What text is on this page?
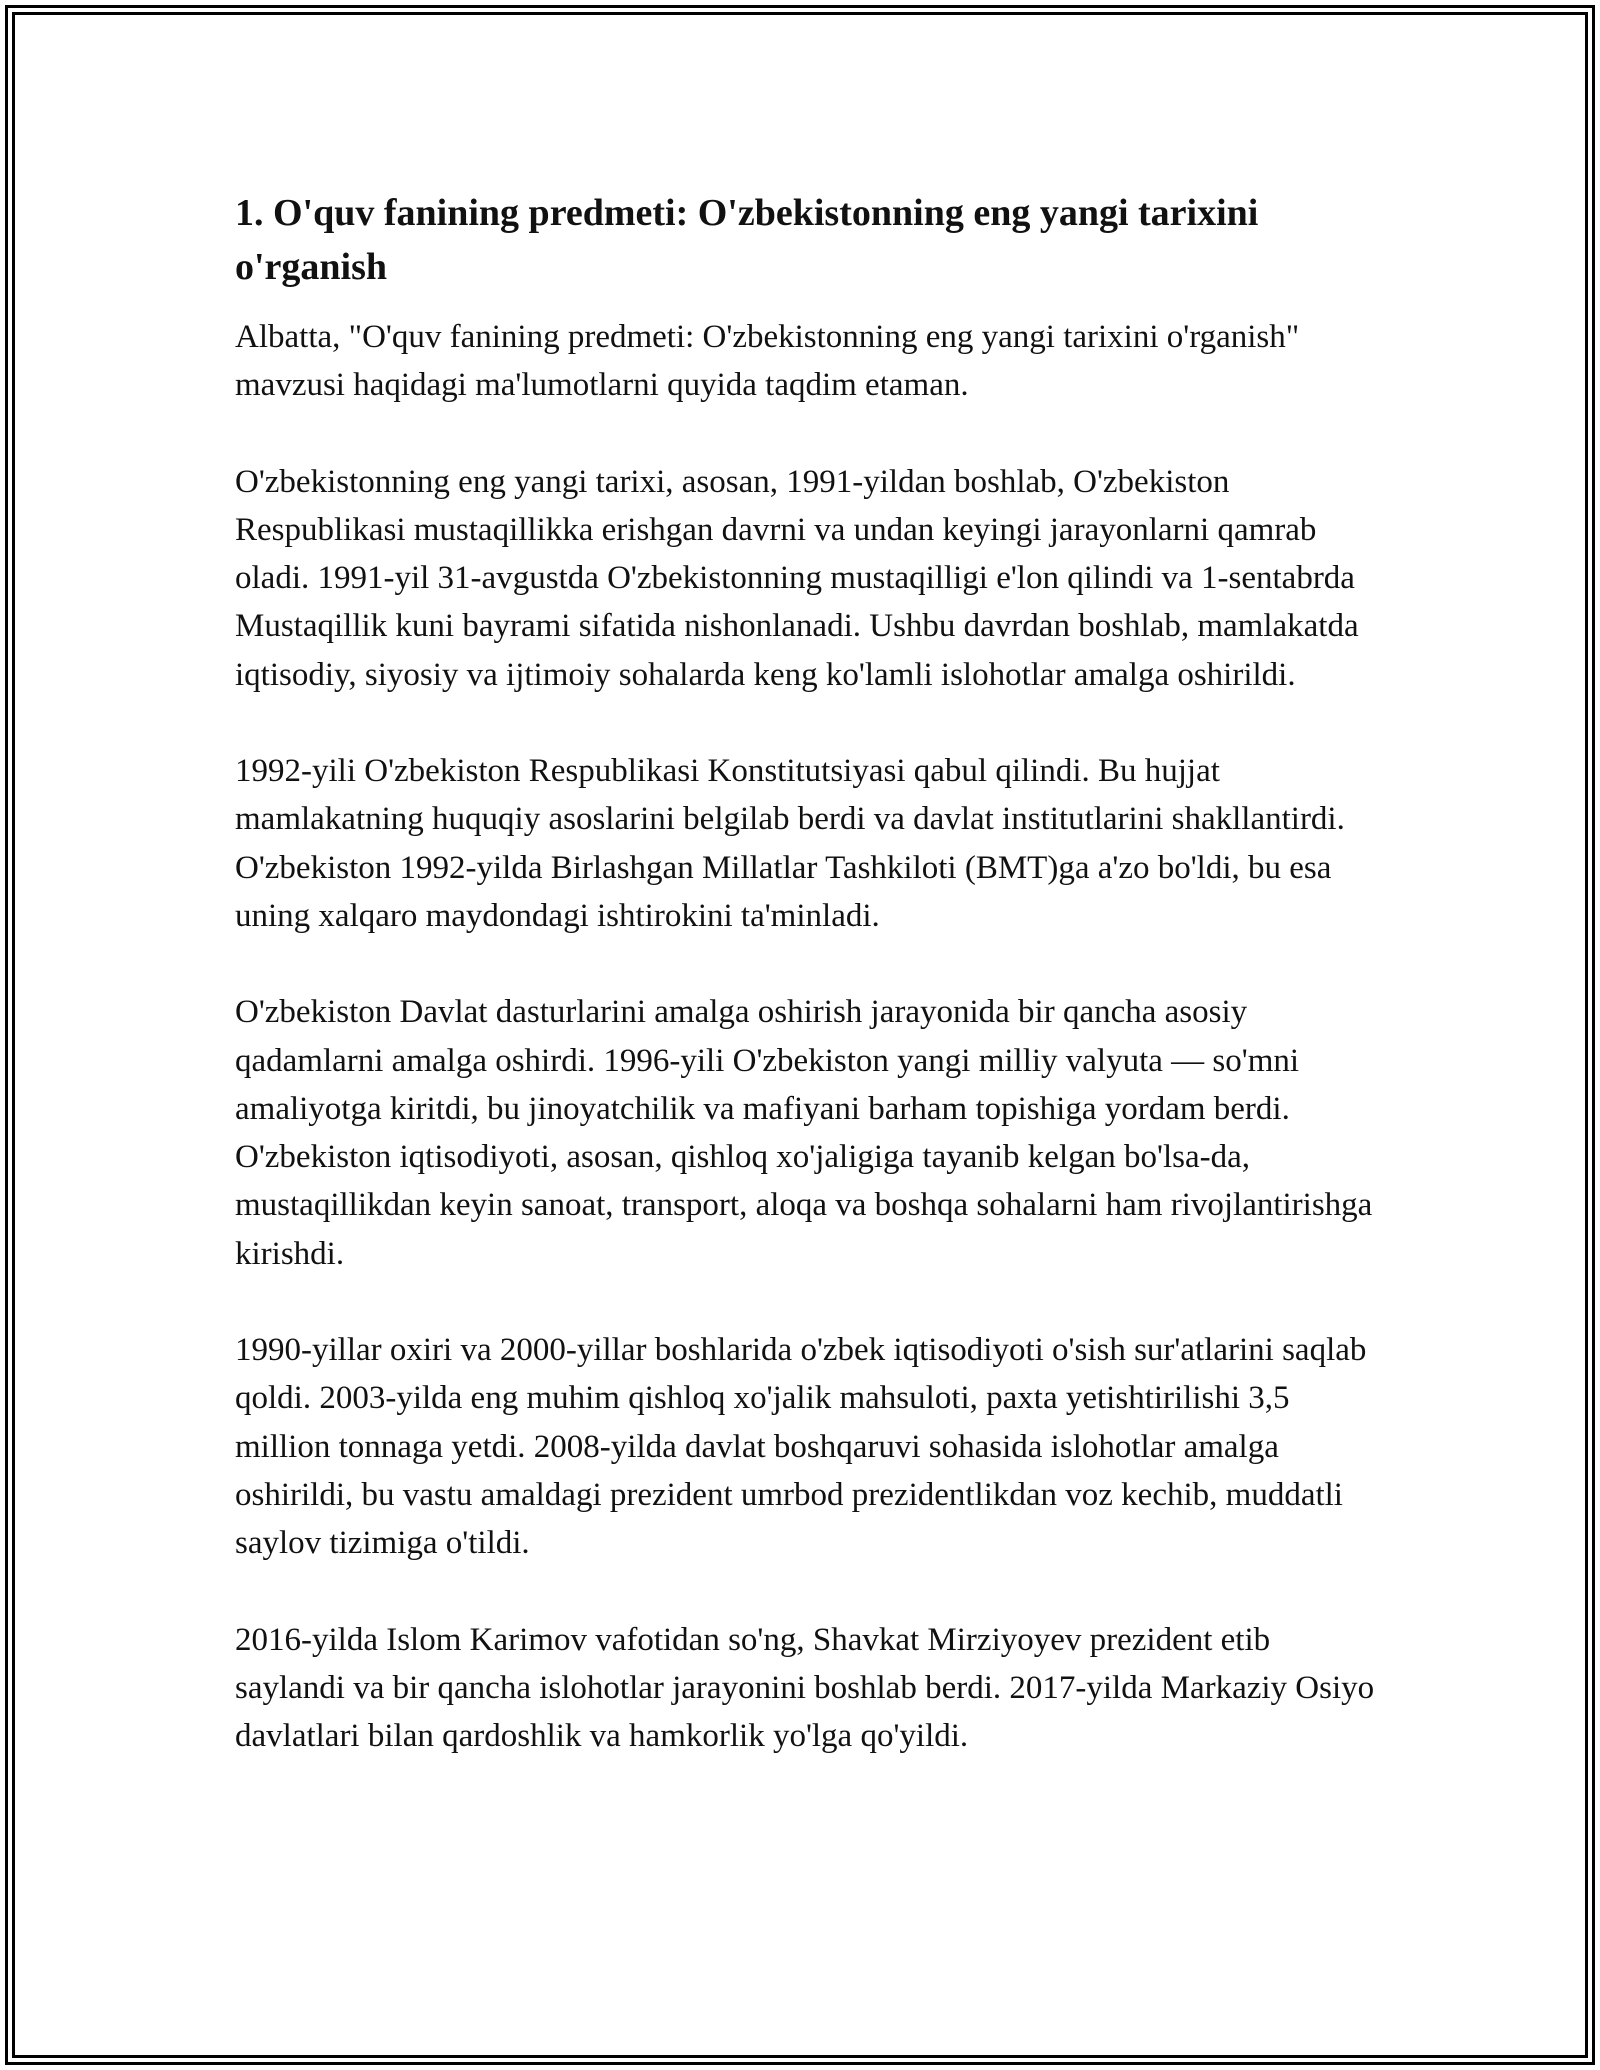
1. O'quv fanining predmeti: O'zbekistonning eng yangi tarixini o'rganish

Albatta, "O'quv fanining predmeti: O'zbekistonning eng yangi tarixini o'rganish" mavzusi haqidagi ma'lumotlarni quyida taqdim etaman.

O'zbekistonning eng yangi tarixi, asosan, 1991-yildan boshlab, O'zbekiston Respublikasi mustaqillikka erishgan davrni va undan keyingi jarayonlarni qamrab oladi. 1991-yil 31-avgustda O'zbekistonning mustaqilligi e'lon qilindi va 1-sentabrda Mustaqillik kuni bayrami sifatida nishonlanadi. Ushbu davrdan boshlab, mamlakatda iqtisodiy, siyosiy va ijtimoiy sohalarda keng ko'lamli islohotlar amalga oshirildi.

1992-yili O'zbekiston Respublikasi Konstitutsiyasi qabul qilindi. Bu hujjat mamlakatning huquqiy asoslarini belgilab berdi va davlat institutlarini shakllantirdi. O'zbekiston 1992-yilda Birlashgan Millatlar Tashkiloti (BMT)ga a'zo bo'ldi, bu esa uning xalqaro maydondagi ishtirokini ta'minladi.

O'zbekiston Davlat dasturlarini amalga oshirish jarayonida bir qancha asosiy qadamlarni amalga oshirdi. 1996-yili O'zbekiston yangi milliy valyuta — so'mni amaliyotga kiritdi, bu jinoyatchilik va mafiyani barham topishiga yordam berdi. O'zbekiston iqtisodiyoti, asosan, qishloq xo'jaligiga tayanib kelgan bo'lsa-da, mustaqillikdan keyin sanoat, transport, aloqa va boshqa sohalarni ham rivojlantirishga kirishdi.

1990-yillar oxiri va 2000-yillar boshlarida o'zbek iqtisodiyoti o'sish sur'atlarini saqlab qoldi. 2003-yilda eng muhim qishloq xo'jalik mahsuloti, paxta yetishtirilishi 3,5 million tonnaga yetdi. 2008-yilda davlat boshqaruvi sohasida islohotlar amalga oshirildi, bu vastu amaldagi prezident umrbod prezidentlikdan voz kechib, muddatli saylov tizimiga o'tildi.

2016-yilda Islom Karimov vafotidan so'ng, Shavkat Mirziyoyev prezident etib saylandi va bir qancha islohotlar jarayonini boshlab berdi. 2017-yilda Markaziy Osiyo davlatlari bilan qardoshlik va hamkorlik yo'lga qo'yildi.
